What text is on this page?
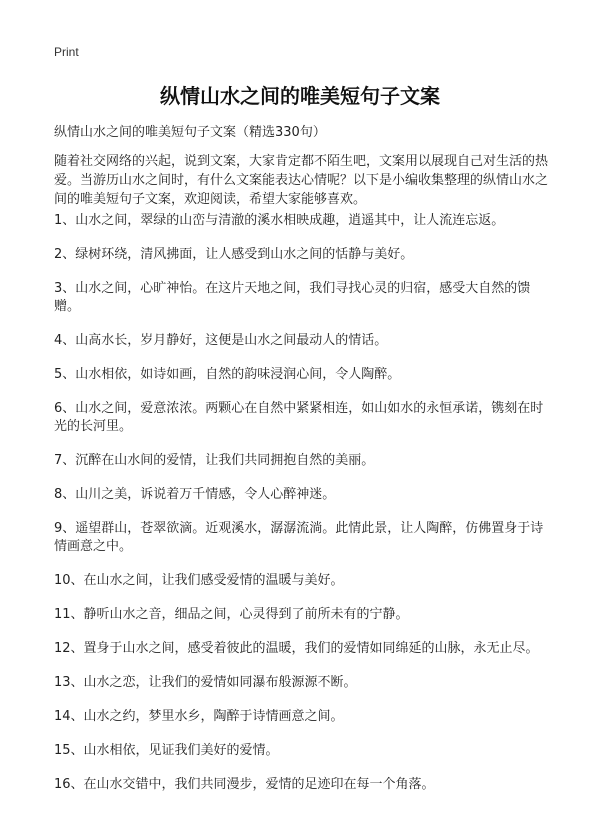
Print
纵情山水之间的唯美短句子文案

纵情山水之间的唯美短句子文案（精选330句）

随着社交网络的兴起，说到文案，大家肯定都不陌生吧，文案用以展现自己对生活的热爱。当游历山水之间时，有什么文案能表达心情呢？以下是小编收集整理的纵情山水之间的唯美短句子文案，欢迎阅读，希望大家能够喜欢。

1、山水之间，翠绿的山峦与清澈的溪水相映成趣，逍遥其中，让人流连忘返。
2、绿树环绕，清风拂面，让人感受到山水之间的恬静与美好。
3、山水之间，心旷神怡。在这片天地之间，我们寻找心灵的归宿，感受大自然的馈赠。
4、山高水长，岁月静好，这便是山水之间最动人的情话。
5、山水相依，如诗如画，自然的韵味浸润心间，令人陶醉。
6、山水之间，爱意浓浓。两颗心在自然中紧紧相连，如山如水的永恒承诺，镌刻在时光的长河里。
7、沉醉在山水间的爱情，让我们共同拥抱自然的美丽。
8、山川之美，诉说着万千情感，令人心醉神迷。
9、遥望群山，苍翠欲滴。近观溪水，潺潺流淌。此情此景，让人陶醉，仿佛置身于诗情画意之中。
10、在山水之间，让我们感受爱情的温暖与美好。
11、静听山水之音，细品之间，心灵得到了前所未有的宁静。
12、置身于山水之间，感受着彼此的温暖，我们的爱情如同绵延的山脉，永无止尽。
13、山水之恋，让我们的爱情如同瀑布般源源不断。
14、山水之约，梦里水乡，陶醉于诗情画意之间。
15、山水相依，见证我们美好的爱情。
16、在山水交错中，我们共同漫步，爱情的足迹印在每一个角落。
